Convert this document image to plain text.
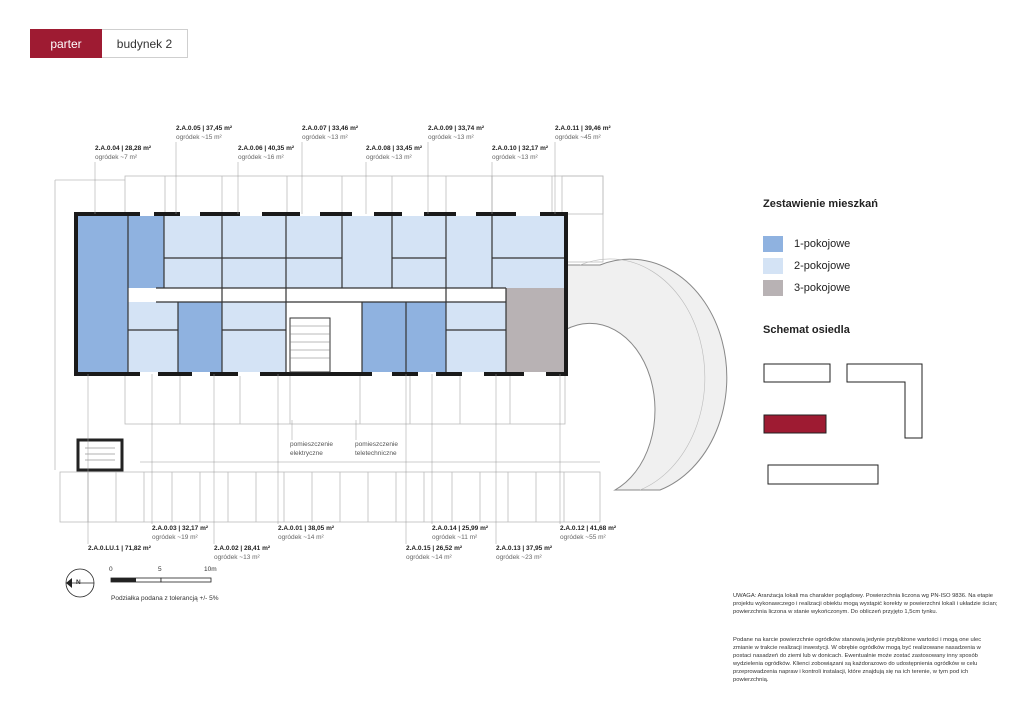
parter	budynek 2
2.A.0.05 | 37,45 m²
ogródek ~15 m²
2.A.0.07 | 33,46 m²
ogródek ~13 m²
2.A.0.09 | 33,74 m²
ogródek ~13 m²
2.A.0.11 | 39,46 m²
ogródek ~45 m²
2.A.0.04 | 28,28 m²
ogródek ~7 m²
2.A.0.06 | 40,35 m²
ogródek ~16 m²
2.A.0.08 | 33,45 m²
ogródek ~13 m²
2.A.0.10 | 32,17 m²
ogródek ~13 m²
2.A.0.03 | 32,17 m²
ogródek ~19 m²
2.A.0.01 | 38,05 m²
ogródek ~14 m²
2.A.0.14 | 25,99 m²
ogródek ~11 m²
2.A.0.12 | 41,68 m²
ogródek ~55 m²
2.A.0.LU.1 | 71,82 m²	2.A.0.02 | 28,41 m²
ogródek ~13 m²
2.A.0.15 | 26,52 m²
ogródek ~14 m²
2.A.0.13 | 37,95 m²
ogródek ~23 m²
pomieszczenie elektryczne
pomieszczenie teletechniczne
Zestawienie mieszkań
1-pokojowe
2-pokojowe
3-pokojowe
Schemat osiedla
0	5	10m
N
Podziałka podana z tolerancją +/- 5%	UWAGA: Aranżacja lokali ma charakter poglądowy. Powierzchnia liczona wg PN-ISO 9836. Na etapie projektu wykonawczego i realizacji obiektu mogą wystąpić korekty w powierzchni lokali i układzie ścian; powierzchnia liczona w stanie wykończonym. Do obliczeń przyjęto 1,5cm tynku.
Podane na karcie powierzchnie ogródków stanowią jedynie przybliżone wartości i mogą one ulec zmianie w trakcie realizacji inwestycji. W obrębie ogródków mogą być realizowane nasadzenia w postaci nasadzeń do ziemi lub w donicach. Ewentualnie może zostać zastosowany inny sposób wydzielenia ogródków. Klienci zobowiązani są każdorazowo do udostępnienia ogródków w celu przeprowadzenia napraw i kontroli instalacji, które znajdują się na ich terenie, w tym pod ich powierzchnią.
